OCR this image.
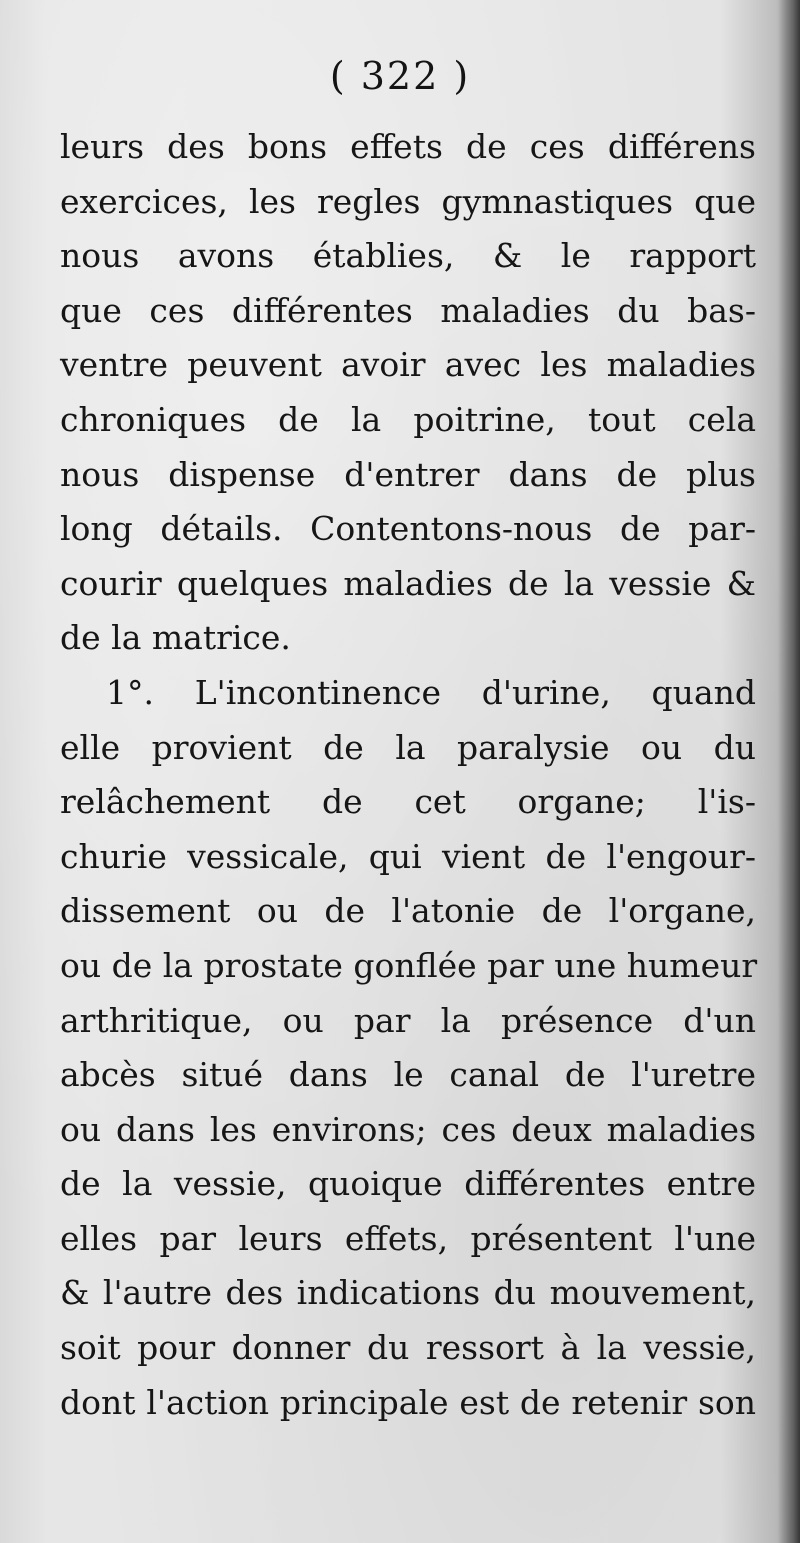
( 322 )
leurs des bons effets de ces différens
exercices, les regles gymnastiques que
nous avons établies, & le rapport
que ces différentes maladies du bas-
ventre peuvent avoir avec les maladies
chroniques de la poitrine, tout cela
nous dispense d'entrer dans de plus
long détails. Contentons-nous de par-
courir quelques maladies de la vessie &
de la matrice.
1°. L'incontinence d'urine, quand
elle provient de la paralysie ou du
relâchement de cet organe; l'is-
churie vessicale, qui vient de l'engour-
dissement ou de l'atonie de l'organe,
ou de la prostate gonflée par une humeur
arthritique, ou par la présence d'un
abcès situé dans le canal de l'uretre
ou dans les environs; ces deux maladies
de la vessie, quoique différentes entre
elles par leurs effets, présentent l'une
& l'autre des indications du mouvement,
soit pour donner du ressort à la vessie,
dont l'action principale est de retenir son
